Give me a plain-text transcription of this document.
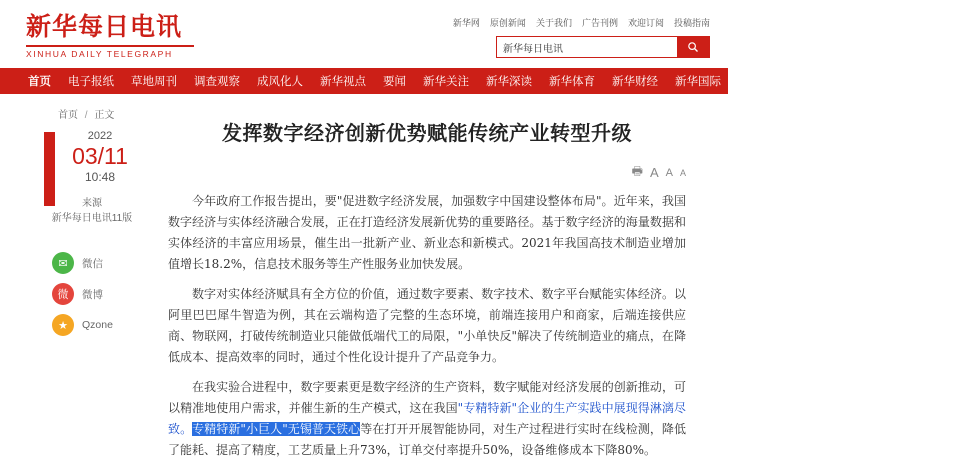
新华每日电讯
XINHUA DAILY TELEGRAPH
新华网 原创新闻 关于我们 广告刊例 欢迎订阅 投稿指南
新华每日电讯
首页 电子报纸 草地周刊 调查观察 成风化人 新华视点 要闻 新华关注 新华深读 新华体育 新华财经 新华国际 新华融媒 精彩专题 医卫健康 看天下
首页 / 正文
2022
03/11
10:48
来源
新华每日电讯11版
✉	微信
微	微博
★	Qzone
发挥数字经济创新优势赋能传统产业转型升级
🖶 A A A

今年政府工作报告提出，要"促进数字经济发展，加强数字中国建设整体布局"。近年来，我国数字经济与实体经济融合发展，正在打造经济发展新优势的重要路径。基于数字经济的海量数据和实体经济的丰富应用场景，催生出一批新产业、新业态和新模式。2021年我国高技术制造业增加值增长18.2%，信息技术服务等生产性服务业加快发展。

数字对实体经济赋具有全方位的价值，通过数字要素、数字技术、数字平台赋能实体经济。以阿里巴巴犀牛智造为例，其在云端构造了完整的生态环境，前端连接用户和商家，后端连接供应商、物联网，打破传统制造业只能做低端代工的局限，"小单快反"解决了传统制造业的痛点，在降低成本、提高效率的同时，通过个性化设计提升了产品竞争力。

在我实验合进程中，数字要素更是数字经济的生产资料，数字赋能对经济发展的创新推动，可以精准地使用户需求，并催生新的生产模式，这在我国"专精特新"企业的生产实践中展现得淋漓尽致。专精特新"小巨人"无锡普天铁心等在打开开展智能协同，对生产过程进行实时在线检测，降低了能耗、提高了精度，工艺质量上升73%，订单交付率提升50%，设备维修成本下降80%。
